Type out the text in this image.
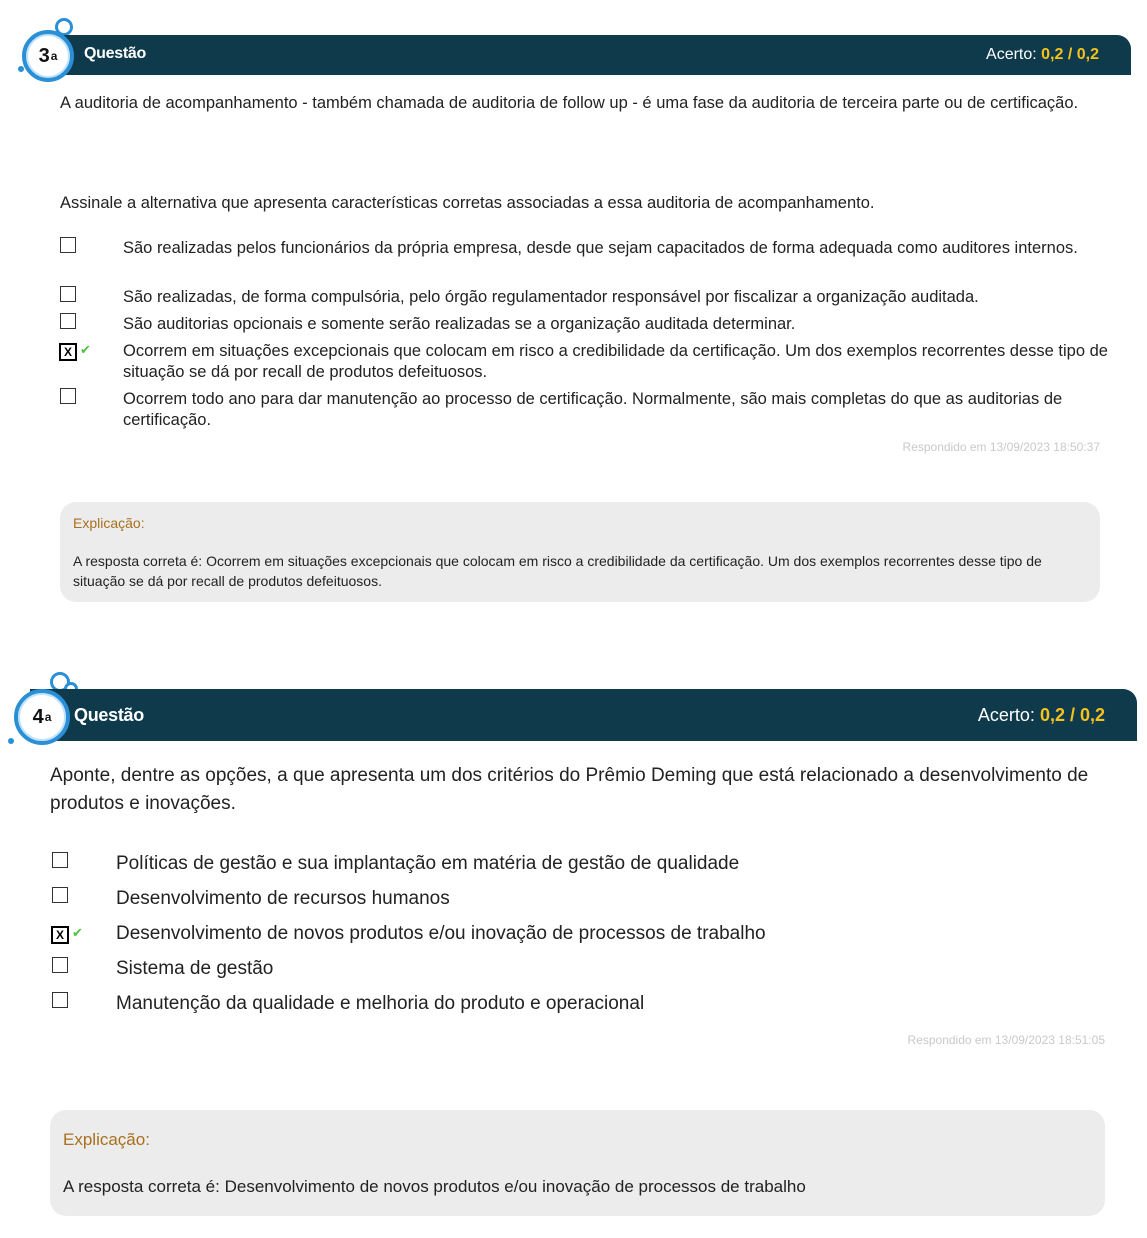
Questão	Acerto: 0,2 / 0,2
3 a
A auditoria de acompanhamento - também chamada de auditoria de follow up - é uma fase da auditoria de terceira parte ou de certificação.
Assinale a alternativa que apresenta características corretas associadas a essa auditoria de acompanhamento.
São realizadas pelos funcionários da própria empresa, desde que sejam capacitados de forma adequada como auditores internos.
São realizadas, de forma compulsória, pelo órgão regulamentador responsável por fiscalizar a organização auditada.
São auditorias opcionais e somente serão realizadas se a organização auditada determinar.
X ✔ Ocorrem em situações excepcionais que colocam em risco a credibilidade da certificação. Um dos exemplos recorrentes desse tipo de situação se dá por recall de produtos defeituosos.
Ocorrem todo ano para dar manutenção ao processo de certificação. Normalmente, são mais completas do que as auditorias de certificação.
Respondido em 13/09/2023 18:50:37
Explicação:
A resposta correta é: Ocorrem em situações excepcionais que colocam em risco a credibilidade da certificação. Um dos exemplos recorrentes desse tipo de situação se dá por recall de produtos defeituosos.
Questão	Acerto: 0,2 / 0,2
4 a
Aponte, dentre as opções, a que apresenta um dos critérios do Prêmio Deming que está relacionado a desenvolvimento de produtos e inovações.
Políticas de gestão e sua implantação em matéria de gestão de qualidade
Desenvolvimento de recursos humanos
X ✔ Desenvolvimento de novos produtos e/ou inovação de processos de trabalho
Sistema de gestão
Manutenção da qualidade e melhoria do produto e operacional
Respondido em 13/09/2023 18:51:05
Explicação:
A resposta correta é: Desenvolvimento de novos produtos e/ou inovação de processos de trabalho
